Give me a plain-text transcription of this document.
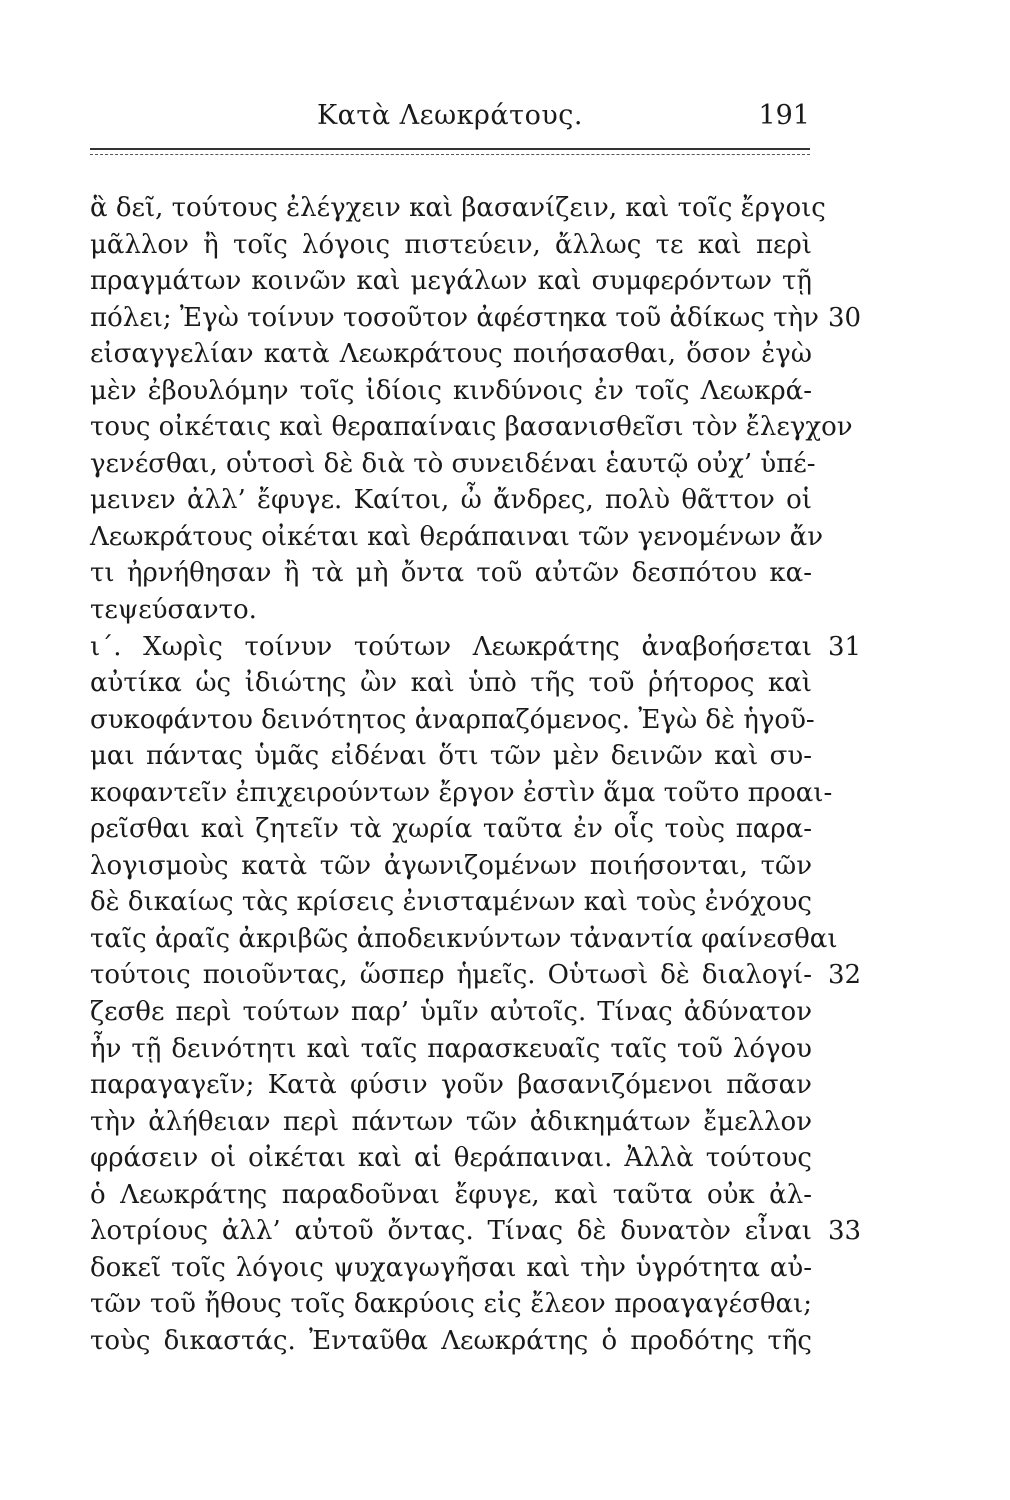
Κατὰ Λεωκράτους.	191
ἃ δεῖ, τούτους ἐλέγχειν καὶ βασανίζειν, καὶ τοῖς ἔργοις
μᾶλλον ἢ τοῖς λόγοις πιστεύειν, ἄλλως τε καὶ περὶ
πραγμάτων κοινῶν καὶ μεγάλων καὶ συμφερόντων τῇ
πόλει; Ἐγὼ τοίνυν τοσοῦτον ἀφέστηκα τοῦ ἀδίκως τὴν 30
εἰσαγγελίαν κατὰ Λεωκράτους ποιήσασθαι, ὅσον ἐγὼ
μὲν ἐβουλόμην τοῖς ἰδίοις κινδύνοις ἐν τοῖς Λεωκρά-
τους οἰκέταις καὶ θεραπαίναις βασανισθεῖσι τὸν ἔλεγχον
γενέσθαι, οὑτοσὶ δὲ διὰ τὸ συνειδέναι ἑαυτῷ οὐχ’ ὑπέ-
μεινεν ἀλλ’ ἔφυγε. Καίτοι, ὦ ἄνδρες, πολὺ θᾶττον οἱ
Λεωκράτους οἰκέται καὶ θεράπαιναι τῶν γενομένων ἄν
τι ἠρνήθησαν ἢ τὰ μὴ ὄντα τοῦ αὐτῶν δεσπότου κα-
τεψεύσαντο.
ι΄. Χωρὶς τοίνυν τούτων Λεωκράτης ἀναβοήσεται 31
αὐτίκα ὡς ἰδιώτης ὢν καὶ ὑπὸ τῆς τοῦ ῥήτορος καὶ
συκοφάντου δεινότητος ἀναρπαζόμενος. Ἐγὼ δὲ ἡγοῦ-
μαι πάντας ὑμᾶς εἰδέναι ὅτι τῶν μὲν δεινῶν καὶ συ-
κοφαντεῖν ἐπιχειρούντων ἔργον ἐστὶν ἅμα τοῦτο προαι-
ρεῖσθαι καὶ ζητεῖν τὰ χωρία ταῦτα ἐν οἷς τοὺς παρα-
λογισμοὺς κατὰ τῶν ἀγωνιζομένων ποιήσονται, τῶν
δὲ δικαίως τὰς κρίσεις ἐνισταμένων καὶ τοὺς ἐνόχους
ταῖς ἀραῖς ἀκριβῶς ἀποδεικνύντων τἀναντία φαίνεσθαι
τούτοις ποιοῦντας, ὥσπερ ἡμεῖς. Οὑτωσὶ δὲ διαλογί- 32
ζεσθε περὶ τούτων παρ’ ὑμῖν αὐτοῖς. Τίνας ἀδύνατον
ἦν τῇ δεινότητι καὶ ταῖς παρασκευαῖς ταῖς τοῦ λόγου
παραγαγεῖν; Κατὰ φύσιν γοῦν βασανιζόμενοι πᾶσαν
τὴν ἀλήθειαν περὶ πάντων τῶν ἀδικημάτων ἔμελλον
φράσειν οἱ οἰκέται καὶ αἱ θεράπαιναι. Ἀλλὰ τούτους
ὁ Λεωκράτης παραδοῦναι ἔφυγε, καὶ ταῦτα οὐκ ἀλ-
λοτρίους ἀλλ’ αὐτοῦ ὄντας. Τίνας δὲ δυνατὸν εἶναι 33
δοκεῖ τοῖς λόγοις ψυχαγωγῆσαι καὶ τὴν ὑγρότητα αὐ-
τῶν τοῦ ἤθους τοῖς δακρύοις εἰς ἔλεον προαγαγέσθαι;
τοὺς δικαστάς. Ἐνταῦθα Λεωκράτης ὁ προδότης τῆς
